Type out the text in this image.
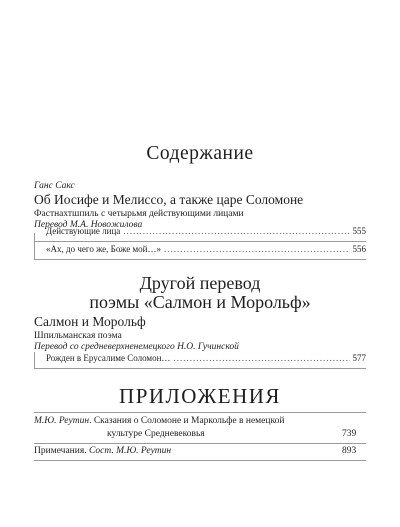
Содержание
Ганс Сакс
Об Иосифе и Мелиссо, а также царе Соломоне
Фастнахтшпиль с четырьмя действующими лицами
Перевод М.А. Новожилова
Действующие лица .....	555
«Ах, до чего же, Боже мой…» .....	556
Другой перевод
поэмы «Салмон и Морольф»
Салмон и Морольф
Шпильманская поэма
Перевод со средневерхненемецкого Н.О. Гучинской
Рожден в Ерусалиме Соломон… .....	577
ПРИЛОЖЕНИЯ
М.Ю. Реутин. Сказания о Соломоне и Маркольфе в немецкой
культуре Средневековья	739
Примечания. Сост. М.Ю. Реутин	893
